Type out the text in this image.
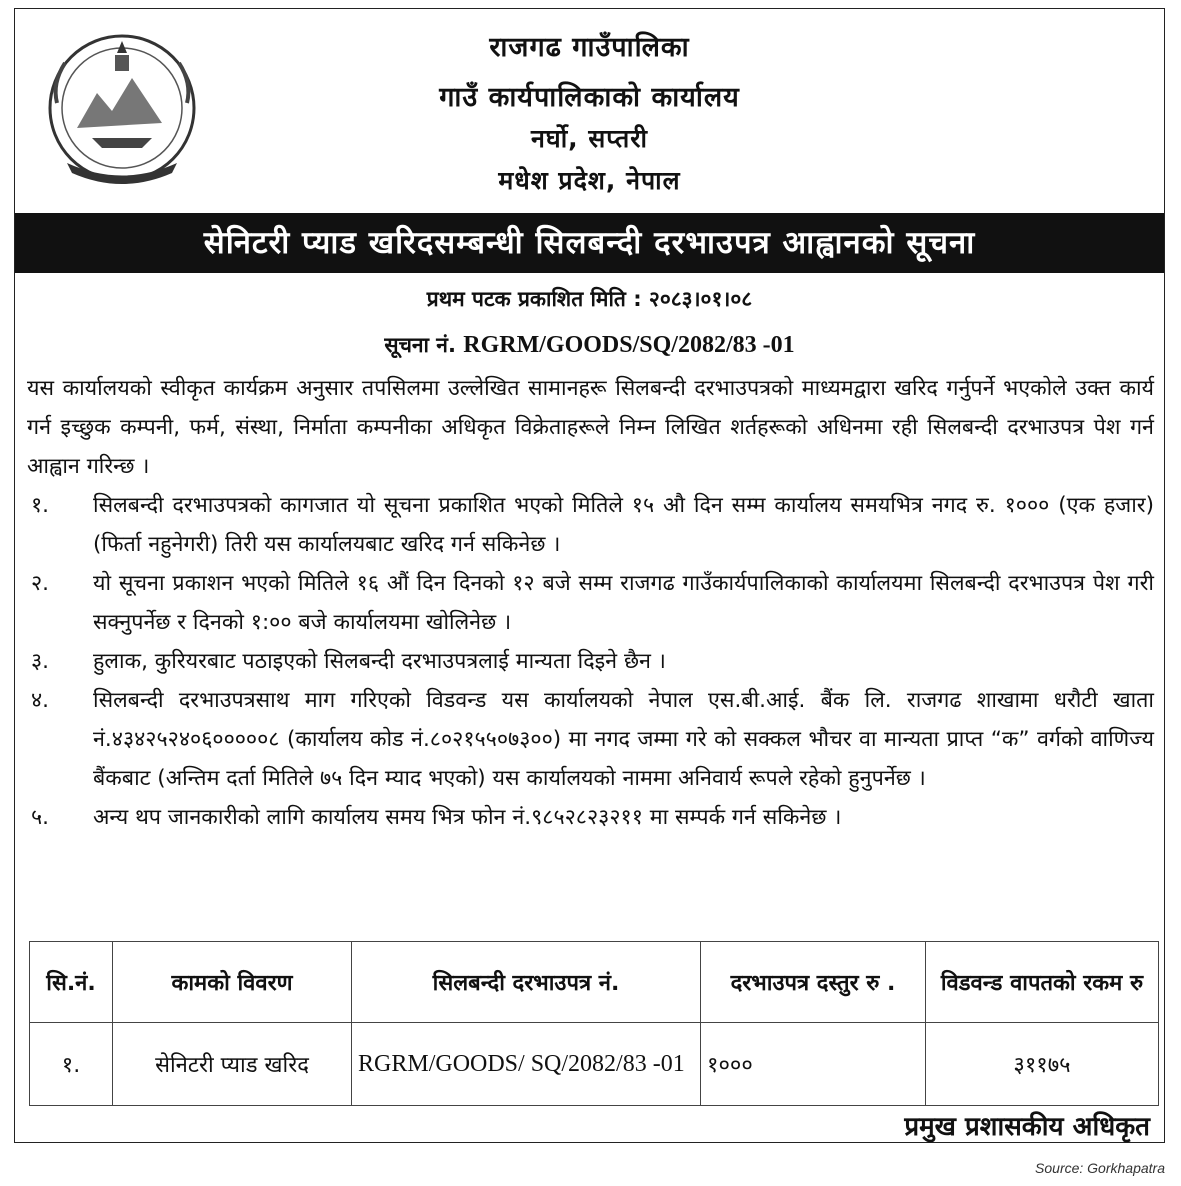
राजगढ गाउँपालिका
गाउँ कार्यपालिकाको कार्यालय
नर्घो, सप्तरी
मधेश प्रदेश, नेपाल
सेनिटरी प्याड खरिदसम्बन्धी सिलबन्दी दरभाउपत्र आह्वानको सूचना
प्रथम पटक प्रकाशित मिति : २०८३।०१।०८
सूचना नं. RGRM/GOODS/SQ/2082/83 -01

यस कार्यालयको स्वीकृत कार्यक्रम अनुसार तपसिलमा उल्लेखित सामानहरू सिलबन्दी दरभाउपत्रको माध्यमद्वारा खरिद गर्नुपर्ने भएकोले उक्त कार्य गर्न इच्छुक कम्पनी, फर्म, संस्था, निर्माता कम्पनीका अधिकृत विक्रेताहरूले निम्न लिखित शर्तहरूको अधिनमा रही सिलबन्दी दरभाउपत्र पेश गर्न आह्वान गरिन्छ ।

१.	सिलबन्दी दरभाउपत्रको कागजात यो सूचना प्रकाशित भएको मितिले १५ औ दिन सम्म कार्यालय समयभित्र नगद रु. १००० (एक हजार) (फिर्ता नहुनेगरी) तिरी यस कार्यालयबाट खरिद गर्न सकिनेछ ।
२.	यो सूचना प्रकाशन भएको मितिले १६ औं दिन दिनको १२ बजे सम्म राजगढ गाउँकार्यपालिकाको कार्यालयमा सिलबन्दी दरभाउपत्र पेश गरी सक्नुपर्नेछ र दिनको १:०० बजे कार्यालयमा खोलिनेछ ।
३.	हुलाक, कुरियरबाट पठाइएको सिलबन्दी दरभाउपत्रलाई मान्यता दिइने छैन ।
४.	सिलबन्दी दरभाउपत्रसाथ माग गरिएको विडवन्ड यस कार्यालयको नेपाल एस.बी.आई. बैंक लि. राजगढ शाखामा धरौटी खाता नं.४३४२५२४०६०००००८ (कार्यालय कोड नं.८०२१५५०७३००) मा नगद जम्मा गरे को सक्कल भौचर वा मान्यता प्राप्त “क” वर्गको वाणिज्य बैंकबाट (अन्तिम दर्ता मितिले ७५ दिन म्याद भएको) यस कार्यालयको नाममा अनिवार्य रूपले रहेको हुनुपर्नेछ ।
५.	अन्य थप जानकारीको लागि कार्यालय समय भित्र फोन नं.९८५२८२३२११ मा सम्पर्क गर्न सकिनेछ ।
सि.नं.	कामको विवरण	सिलबन्दी दरभाउपत्र नं.	दरभाउपत्र दस्तुर रु .	विडवन्ड वापतको रकम रु
१.	सेनिटरी प्याड खरिद	RGRM/GOODS/ SQ/2082/83 -01	१०००	३११७५
प्रमुख प्रशासकीय अधिकृत
Source: Gorkhapatra
